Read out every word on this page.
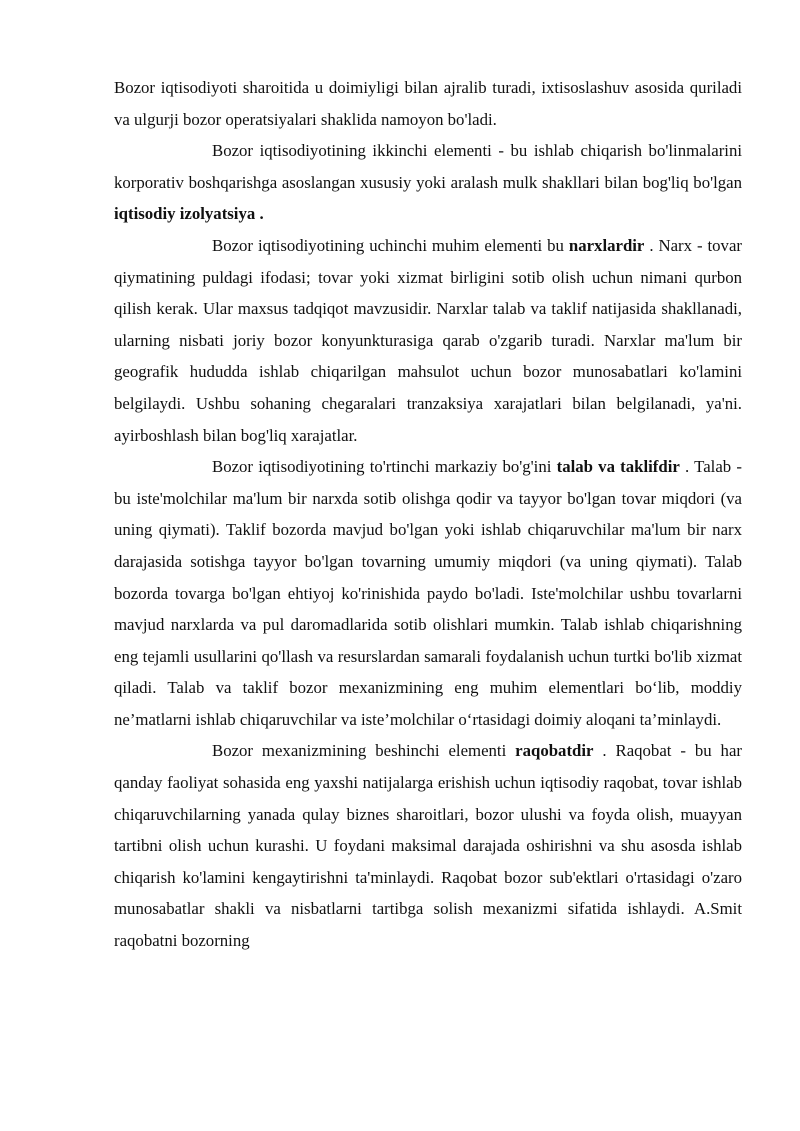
Bozor iqtisodiyoti sharoitida u doimiyligi bilan ajralib turadi, ixtisoslashuv asosida quriladi va ulgurji bozor operatsiyalari shaklida namoyon bo'ladi.

Bozor iqtisodiyotining ikkinchi elementi - bu ishlab chiqarish bo'linmalarini korporativ boshqarishga asoslangan xususiy yoki aralash mulk shakllari bilan bog'liq bo'lgan iqtisodiy izolyatsiya .

Bozor iqtisodiyotining uchinchi muhim elementi bu narxlardir . Narx - tovar qiymatining puldagi ifodasi; tovar yoki xizmat birligini sotib olish uchun nimani qurbon qilish kerak. Ular maxsus tadqiqot mavzusidir. Narxlar talab va taklif natijasida shakllanadi, ularning nisbati joriy bozor konyunkturasiga qarab o'zgarib turadi. Narxlar ma'lum bir geografik hududda ishlab chiqarilgan mahsulot uchun bozor munosabatlari ko'lamini belgilaydi. Ushbu sohaning chegaralari tranzaksiya xarajatlari bilan belgilanadi, ya'ni. ayirboshlash bilan bog'liq xarajatlar.

Bozor iqtisodiyotining to'rtinchi markaziy bo'g'ini talab va taklifdir . Talab - bu iste'molchilar ma'lum bir narxda sotib olishga qodir va tayyor bo'lgan tovar miqdori (va uning qiymati). Taklif bozorda mavjud bo'lgan yoki ishlab chiqaruvchilar ma'lum bir narx darajasida sotishga tayyor bo'lgan tovarning umumiy miqdori (va uning qiymati). Talab bozorda tovarga bo'lgan ehtiyoj ko'rinishida paydo bo'ladi. Iste'molchilar ushbu tovarlarni mavjud narxlarda va pul daromadlarida sotib olishlari mumkin. Talab ishlab chiqarishning eng tejamli usullarini qo'llash va resurslardan samarali foydalanish uchun turtki bo'lib xizmat qiladi. Talab va taklif bozor mexanizmining eng muhim elementlari bo‘lib, moddiy ne’matlarni ishlab chiqaruvchilar va iste’molchilar o‘rtasidagi doimiy aloqani ta’minlaydi.

Bozor mexanizmining beshinchi elementi raqobatdir . Raqobat - bu har qanday faoliyat sohasida eng yaxshi natijalarga erishish uchun iqtisodiy raqobat, tovar ishlab chiqaruvchilarning yanada qulay biznes sharoitlari, bozor ulushi va foyda olish, muayyan tartibni olish uchun kurashi. U foydani maksimal darajada oshirishni va shu asosda ishlab chiqarish ko'lamini kengaytirishni ta'minlaydi. Raqobat bozor sub'ektlari o'rtasidagi o'zaro munosabatlar shakli va nisbatlarni tartibga solish mexanizmi sifatida ishlaydi. A.Smit raqobatni bozorning
